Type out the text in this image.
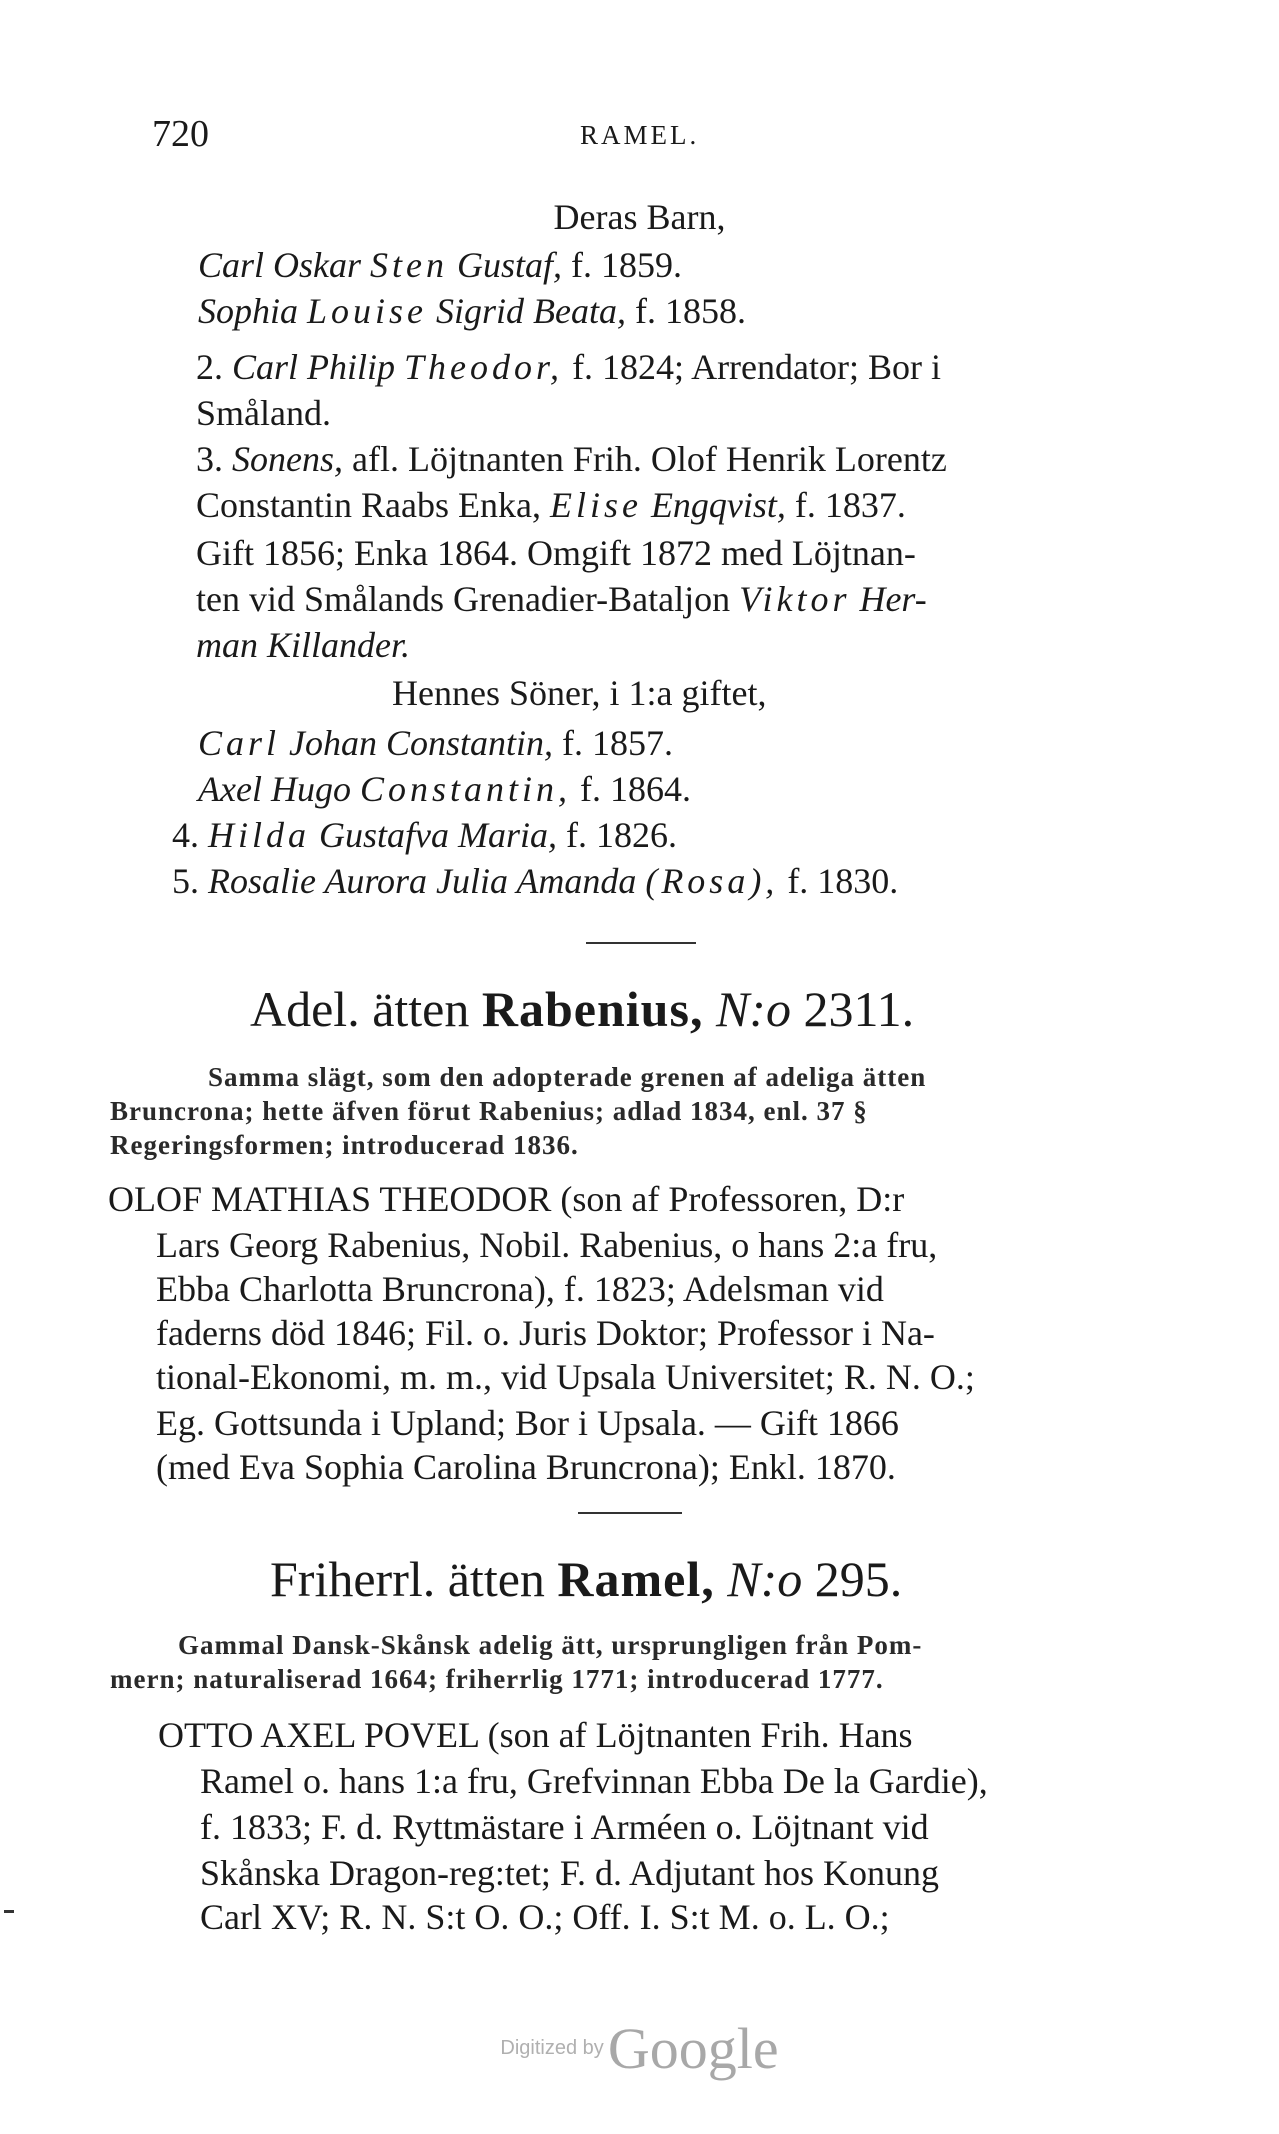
720	RAMEL.
Deras Barn,
Carl Oskar Sten Gustaf, f. 1859.
Sophia Louise Sigrid Beata, f. 1858.
2. Carl Philip Theodor, f. 1824; Arrendator; Bor i
Småland.
3. Sonens, afl. Löjtnanten Frih. Olof Henrik Lorentz
Constantin Raabs Enka, Elise Engqvist, f. 1837.
Gift 1856; Enka 1864. Omgift 1872 med Löjtnan-
ten vid Smålands Grenadier-Bataljon Viktor Her-
man Killander.
Hennes Söner, i 1:a giftet,
Carl Johan Constantin, f. 1857.
Axel Hugo Constantin, f. 1864.
4. Hilda Gustafva Maria, f. 1826.
5. Rosalie Aurora Julia Amanda (Rosa), f. 1830.
Adel. ätten Rabenius, N:o 2311.
Samma slägt, som den adopterade grenen af adeliga ätten
Bruncrona; hette äfven förut Rabenius; adlad 1834, enl. 37 §
Regeringsformen; introducerad 1836.
OLOF MATHIAS THEODOR (son af Professoren, D:r
Lars Georg Rabenius, Nobil. Rabenius, o hans 2:a fru,
Ebba Charlotta Bruncrona), f. 1823; Adelsman vid
faderns död 1846; Fil. o. Juris Doktor; Professor i Na-
tional-Ekonomi, m. m., vid Upsala Universitet; R. N. O.;
Eg. Gottsunda i Upland; Bor i Upsala. — Gift 1866
(med Eva Sophia Carolina Bruncrona); Enkl. 1870.
Friherrl. ätten Ramel, N:o 295.
Gammal Dansk-Skånsk adelig ätt, ursprungligen från Pom-
mern; naturaliserad 1664; friherrlig 1771; introducerad 1777.
OTTO AXEL POVEL (son af Löjtnanten Frih. Hans
Ramel o. hans 1:a fru, Grefvinnan Ebba De la Gardie),
f. 1833; F. d. Ryttmästare i Arméen o. Löjtnant vid
Skånska Dragon-reg:tet; F. d. Adjutant hos Konung
Carl XV; R. N. S:t O. O.; Off. I. S:t M. o. L. O.;
Digitized by Google
